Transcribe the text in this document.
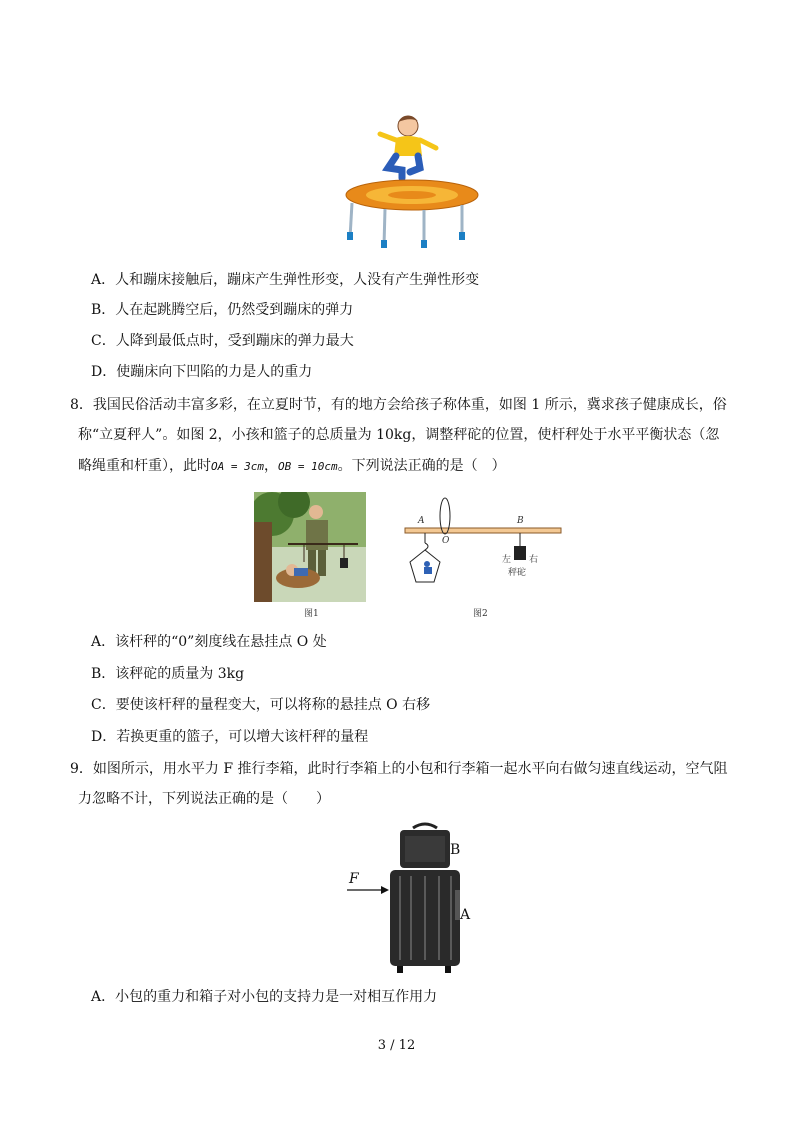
A．人和蹦床接触后，蹦床产生弹性形变，人没有产生弹性形变
B．人在起跳腾空后，仍然受到蹦床的弹力
C．人降到最低点时，受到蹦床的弹力最大
D．使蹦床向下凹陷的力是人的重力
8．我国民俗活动丰富多彩，在立夏时节，有的地方会给孩子称体重，如图 1 所示，冀求孩子健康成长，俗
称“立夏秤人”。如图 2，小孩和篮子的总质量为 10kg，调整秤砣的位置，使杆秤处于水平平衡状态（忽
略绳重和杆重），此时OA = 3cm，OB = 10cm。下列说法正确的是（　）
图1
A
O
B
左 右
秤砣
图2
A．该杆秤的“0”刻度线在悬挂点 O 处
B．该秤砣的质量为 3kg
C．要使该杆秤的量程变大，可以将称的悬挂点 O 右移
D．若换更重的篮子，可以增大该杆秤的量程
9．如图所示，用水平力 F 推行李箱，此时行李箱上的小包和行李箱一起水平向右做匀速直线运动，空气阻
力忽略不计，下列说法正确的是（　　）
F
B
A
A．小包的重力和箱子对小包的支持力是一对相互作用力
3 / 12
